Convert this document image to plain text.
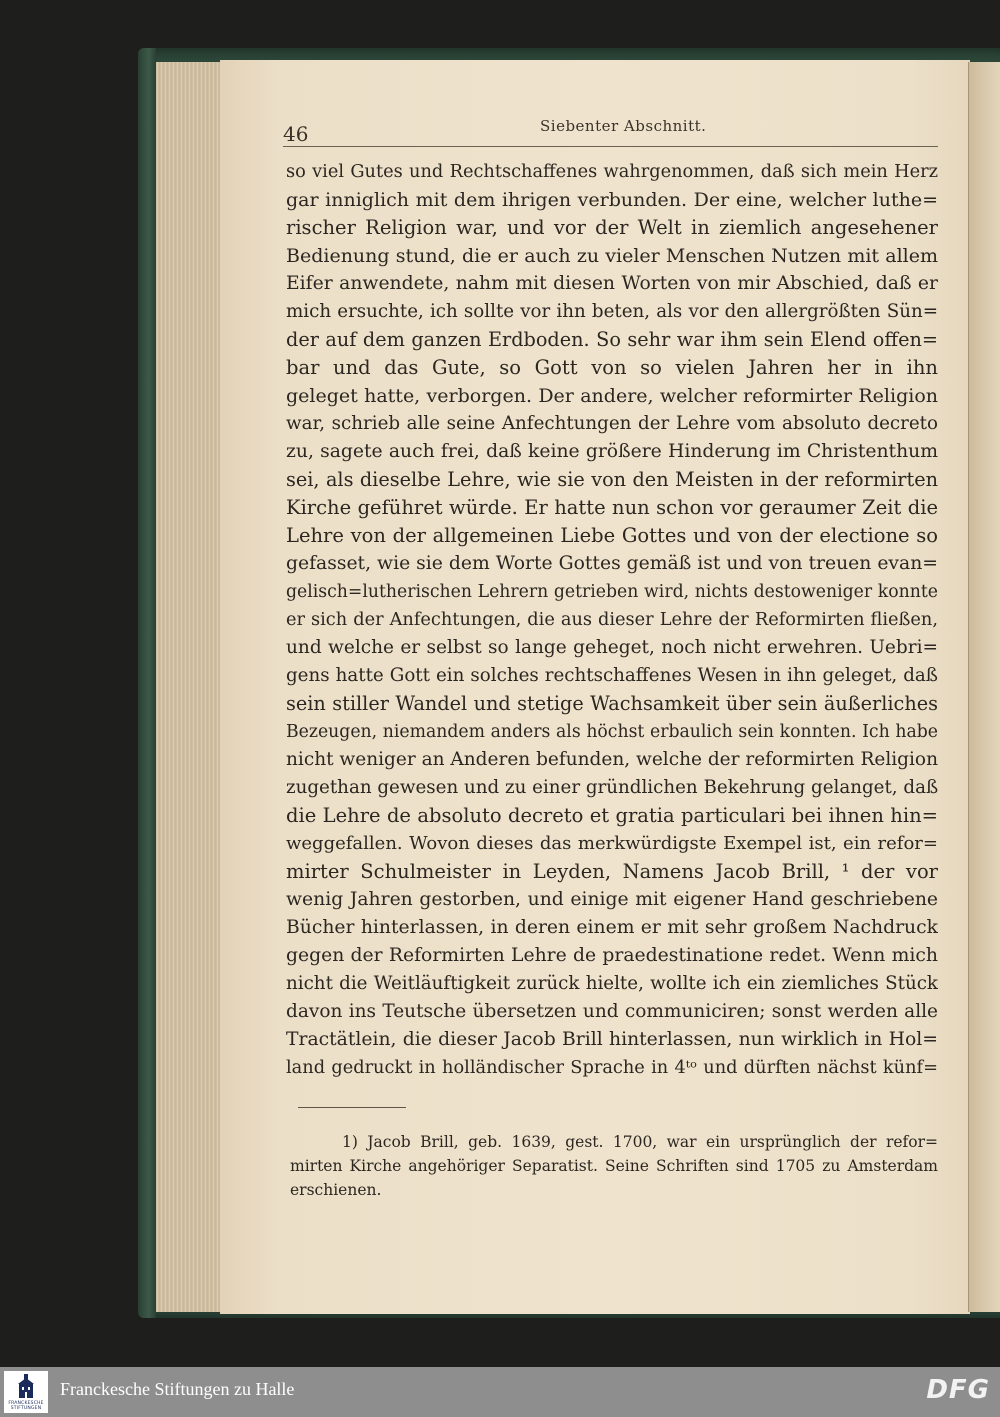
46	Siebenter Abschnitt.
so viel Gutes und Rechtschaffenes wahrgenommen, daß sich mein Herz
gar inniglich mit dem ihrigen verbunden. Der eine, welcher luthe=
rischer Religion war, und vor der Welt in ziemlich angesehener
Bedienung stund, die er auch zu vieler Menschen Nutzen mit allem
Eifer anwendete, nahm mit diesen Worten von mir Abschied, daß er
mich ersuchte, ich sollte vor ihn beten, als vor den allergrößten Sün=
der auf dem ganzen Erdboden. So sehr war ihm sein Elend offen=
bar und das Gute, so Gott von so vielen Jahren her in ihn
geleget hatte, verborgen. Der andere, welcher reformirter Religion
war, schrieb alle seine Anfechtungen der Lehre vom absoluto decreto
zu, sagete auch frei, daß keine größere Hinderung im Christenthum
sei, als dieselbe Lehre, wie sie von den Meisten in der reformirten
Kirche geführet würde. Er hatte nun schon vor geraumer Zeit die
Lehre von der allgemeinen Liebe Gottes und von der electione so
gefasset, wie sie dem Worte Gottes gemäß ist und von treuen evan=
gelisch=lutherischen Lehrern getrieben wird, nichts destoweniger konnte
er sich der Anfechtungen, die aus dieser Lehre der Reformirten fließen,
und welche er selbst so lange geheget, noch nicht erwehren. Uebri=
gens hatte Gott ein solches rechtschaffenes Wesen in ihn geleget, daß
sein stiller Wandel und stetige Wachsamkeit über sein äußerliches
Bezeugen, niemandem anders als höchst erbaulich sein konnten. Ich habe
nicht weniger an Anderen befunden, welche der reformirten Religion
zugethan gewesen und zu einer gründlichen Bekehrung gelanget, daß
die Lehre de absoluto decreto et gratia particulari bei ihnen hin=
weggefallen. Wovon dieses das merkwürdigste Exempel ist, ein refor=
mirter Schulmeister in Leyden, Namens Jacob Brill, ¹ der vor
wenig Jahren gestorben, und einige mit eigener Hand geschriebene
Bücher hinterlassen, in deren einem er mit sehr großem Nachdruck
gegen der Reformirten Lehre de praedestinatione redet. Wenn mich
nicht die Weitläuftigkeit zurück hielte, wollte ich ein ziemliches Stück
davon ins Teutsche übersetzen und communiciren; sonst werden alle
Tractätlein, die dieser Jacob Brill hinterlassen, nun wirklich in Hol=
land gedruckt in holländischer Sprache in 4ᵗᵒ und dürften nächst künf=
1) Jacob Brill, geb. 1639, gest. 1700, war ein ursprünglich der refor=
mirten Kirche angehöriger Separatist. Seine Schriften sind 1705 zu Amsterdam
erschienen.
FRANCKESCHE STIFTUNGEN
Franckesche Stiftungen zu Halle	DFG
